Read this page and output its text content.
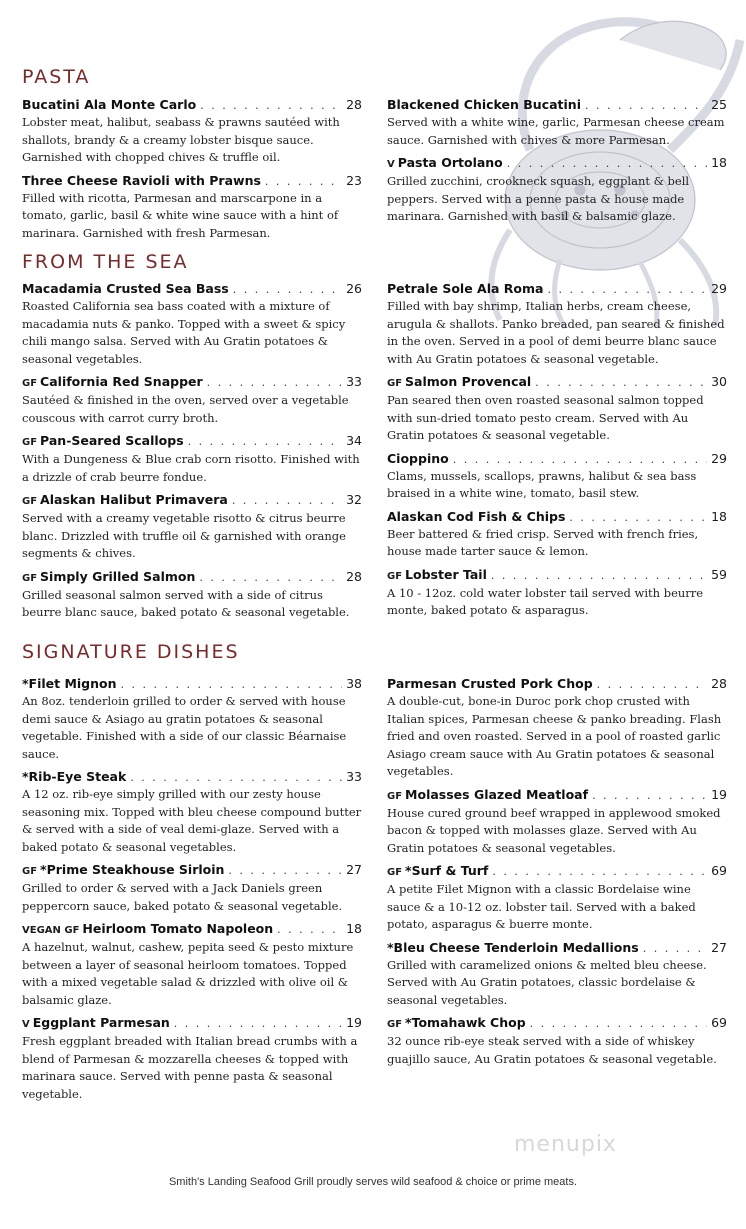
PASTA
Bucatini Ala Monte Carlo . . .	28

Lobster meat, halibut, seabass & prawns sautéed with shallots, brandy & a creamy lobster bisque sauce. Garnished with chopped chives & truffle oil.

Three Cheese Ravioli with Prawns . . .	23

Filled with ricotta, Parmesan and marscarpone in a tomato, garlic, basil & white wine sauce with a hint of marinara. Garnished with fresh Parmesan.

Blackened Chicken Bucatini . . .	25

Served with a white wine, garlic, Parmesan cheese cream sauce. Garnished with chives & more Parmesan.

V Pasta Ortolano . . .	18

Grilled zucchini, crookneck squash, eggplant & bell peppers. Served with a penne pasta & house made marinara. Garnished with basil & balsamic glaze.

FROM THE SEA
Macadamia Crusted Sea Bass . . .	26

Roasted California sea bass coated with a mixture of macadamia nuts & panko. Topped with a sweet & spicy chili mango salsa. Served with Au Gratin potatoes & seasonal vegetables.

GF California Red Snapper . . .	33

Sautéed & finished in the oven, served over a vegetable couscous with carrot curry broth.

GF Pan-Seared Scallops . . .	34

With a Dungeness & Blue crab corn risotto. Finished with a drizzle of crab beurre fondue.

GF Alaskan Halibut Primavera . . .	32

Served with a creamy vegetable risotto & citrus beurre blanc. Drizzled with truffle oil & garnished with orange segments & chives.

GF Simply Grilled Salmon . . .	28

Grilled seasonal salmon served with a side of citrus beurre blanc sauce, baked potato & seasonal vegetable.

Petrale Sole Ala Roma . . .	29

Filled with bay shrimp, Italian herbs, cream cheese, arugula & shallots. Panko breaded, pan seared & finished in the oven. Served in a pool of demi beurre blanc sauce with Au Gratin potatoes & seasonal vegetable.

GF Salmon Provencal . . .	30

Pan seared then oven roasted seasonal salmon topped with sun-dried tomato pesto cream. Served with Au Gratin potatoes & seasonal vegetable.

Cioppino . . .	29

Clams, mussels, scallops, prawns, halibut & sea bass braised in a white wine, tomato, basil stew.

Alaskan Cod Fish & Chips . . .	18

Beer battered & fried crisp. Served with french fries, house made tarter sauce & lemon.

GF Lobster Tail . . .	59

A 10 - 12oz. cold water lobster tail served with beurre monte, baked potato & asparagus.

SIGNATURE DISHES
*Filet Mignon . . .	38

An 8oz. tenderloin grilled to order & served with house demi sauce & Asiago au gratin potatoes & seasonal vegetable. Finished with a side of our classic Béarnaise sauce.

*Rib-Eye Steak . . .	33

A 12 oz. rib-eye simply grilled with our zesty house seasoning mix. Topped with bleu cheese compound butter & served with a side of veal demi-glaze. Served with a baked potato & seasonal vegetables.

GF *Prime Steakhouse Sirloin . . .	27

Grilled to order & served with a Jack Daniels green peppercorn sauce, baked potato & seasonal vegetable.

VEGAN GF Heirloom Tomato Napoleon . . .	18

A hazelnut, walnut, cashew, pepita seed & pesto mixture between a layer of seasonal heirloom tomatoes. Topped with a mixed vegetable salad & drizzled with olive oil & balsamic glaze.

V Eggplant Parmesan . . .	19

Fresh eggplant breaded with Italian bread crumbs with a blend of Parmesan & mozzarella cheeses & topped with marinara sauce. Served with penne pasta & seasonal vegetable.

Parmesan Crusted Pork Chop . . .	28

A double-cut, bone-in Duroc pork chop crusted with Italian spices, Parmesan cheese & panko breading. Flash fried and oven roasted. Served in a pool of roasted garlic Asiago cream sauce with Au Gratin potatoes & seasonal vegetables.

GF Molasses Glazed Meatloaf . . .	19

House cured ground beef wrapped in applewood smoked bacon & topped with molasses glaze. Served with Au Gratin potatoes & seasonal vegetables.

GF *Surf & Turf . . .	69

A petite Filet Mignon with a classic Bordelaise wine sauce & a 10-12 oz. lobster tail. Served with a baked potato, asparagus & buerre monte.

*Bleu Cheese Tenderloin Medallions . . .	27

Grilled with caramelized onions & melted bleu cheese. Served with Au Gratin potatoes, classic bordelaise & seasonal vegetables.

GF *Tomahawk Chop . . .	69

32 ounce rib-eye steak served with a side of whiskey guajillo sauce, Au Gratin potatoes & seasonal vegetable.

menupix

Smith's Landing Seafood Grill proudly serves wild seafood & choice or prime meats.
